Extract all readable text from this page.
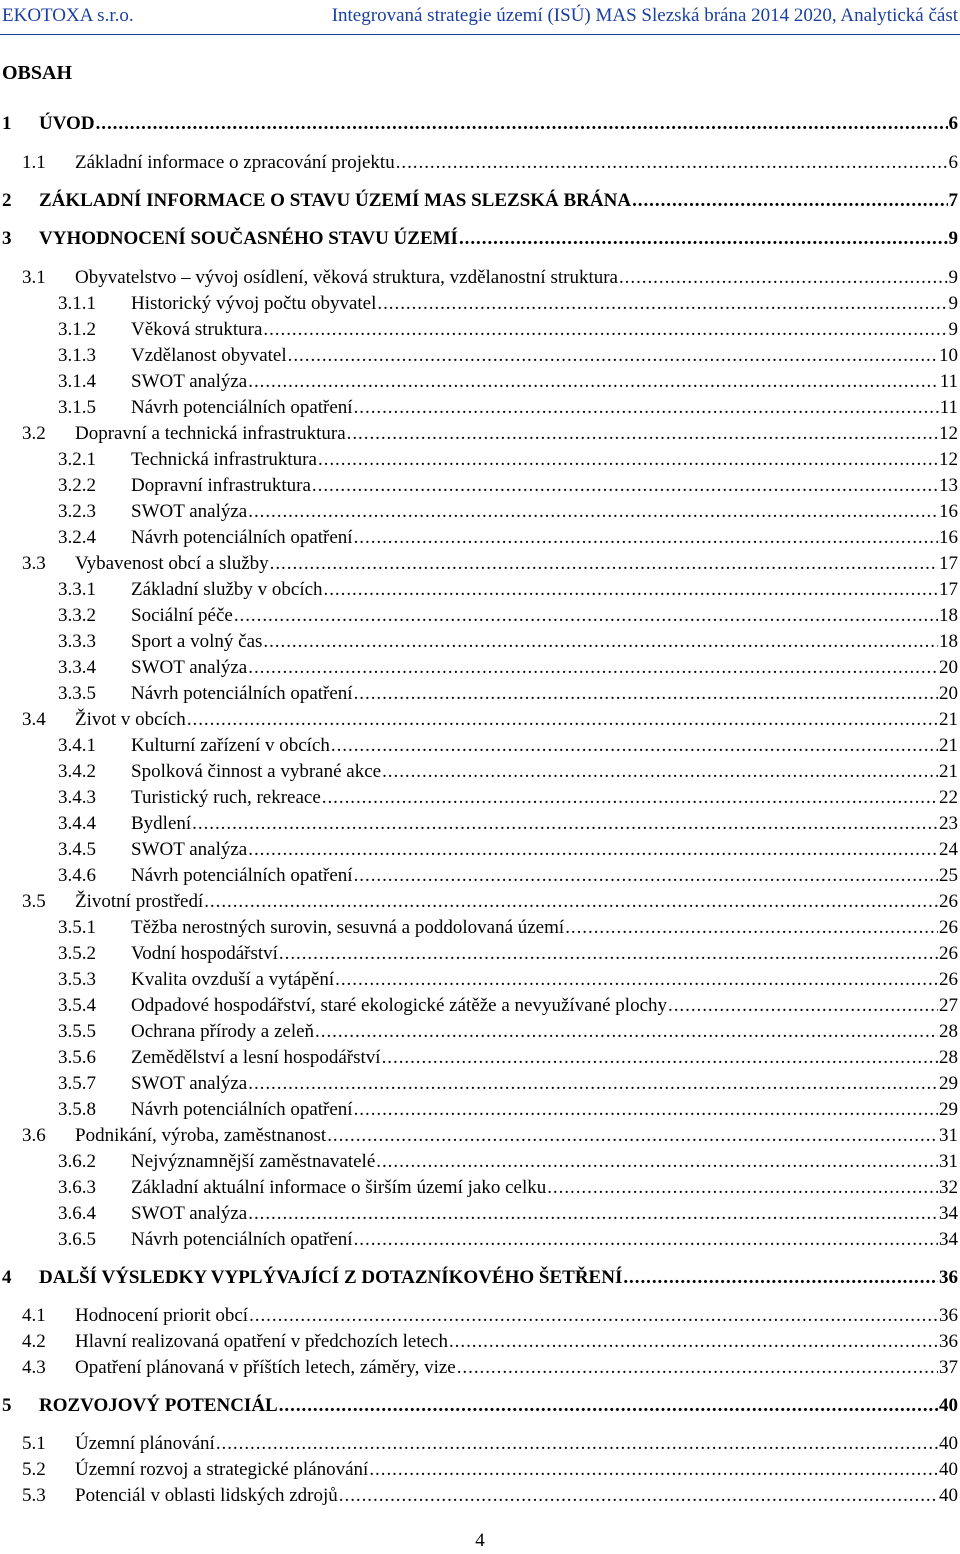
EKOTOXA s.r.o.	Integrovaná strategie území (ISÚ) MAS Slezská brána 2014 2020, Analytická část
OBSAH
1	ÚVOD . . .	6
1.1	Základní informace o zpracování projektu . . .	6
2	ZÁKLADNÍ INFORMACE O STAVU ÚZEMÍ MAS SLEZSKÁ BRÁNA . . .	7
3	VYHODNOCENÍ SOUČASNÉHO STAVU ÚZEMÍ . . .	9
3.1	Obyvatelstvo – vývoj osídlení, věková struktura, vzdělanostní struktura . . .	9
3.1.1	Historický vývoj počtu obyvatel . . .	9
3.1.2	Věková struktura . . .	9
3.1.3	Vzdělanost obyvatel . . .	10
3.1.4	SWOT analýza . . .	11
3.1.5	Návrh potenciálních opatření . . .	11
3.2	Dopravní a technická infrastruktura . . .	12
3.2.1	Technická infrastruktura . . .	12
3.2.2	Dopravní infrastruktura . . .	13
3.2.3	SWOT analýza . . .	16
3.2.4	Návrh potenciálních opatření . . .	16
3.3	Vybavenost obcí a služby . . .	17
3.3.1	Základní služby v obcích . . .	17
3.3.2	Sociální péče . . .	18
3.3.3	Sport a volný čas . . .	18
3.3.4	SWOT analýza . . .	20
3.3.5	Návrh potenciálních opatření . . .	20
3.4	Život v obcích . . .	21
3.4.1	Kulturní zařízení v obcích . . .	21
3.4.2	Spolková činnost a vybrané akce . . .	21
3.4.3	Turistický ruch, rekreace . . .	22
3.4.4	Bydlení . . .	23
3.4.5	SWOT analýza . . .	24
3.4.6	Návrh potenciálních opatření . . .	25
3.5	Životní prostředí . . .	26
3.5.1	Těžba nerostných surovin, sesuvná a poddolovaná území . . .	26
3.5.2	Vodní hospodářství . . .	26
3.5.3	Kvalita ovzduší a vytápění . . .	26
3.5.4	Odpadové hospodářství, staré ekologické zátěže a nevyužívané plochy . . .	27
3.5.5	Ochrana přírody a zeleň . . .	28
3.5.6	Zemědělství a lesní hospodářství . . .	28
3.5.7	SWOT analýza . . .	29
3.5.8	Návrh potenciálních opatření . . .	29
3.6	Podnikání, výroba, zaměstnanost . . .	31
3.6.2	Nejvýznamnější zaměstnavatelé . . .	31
3.6.3	Základní aktuální informace o širším území jako celku . . .	32
3.6.4	SWOT analýza . . .	34
3.6.5	Návrh potenciálních opatření . . .	34
4	DALŠÍ VÝSLEDKY VYPLÝVAJÍCÍ Z DOTAZNÍKOVÉHO ŠETŘENÍ . . .	36
4.1	Hodnocení priorit obcí . . .	36
4.2	Hlavní realizovaná opatření v předchozích letech . . .	36
4.3	Opatření plánovaná v příštích letech, záměry, vize . . .	37
5	ROZVOJOVÝ POTENCIÁL . . .	40
5.1	Územní plánování . . .	40
5.2	Územní rozvoj a strategické plánování . . .	40
5.3	Potenciál v oblasti lidských zdrojů . . .	40
4
